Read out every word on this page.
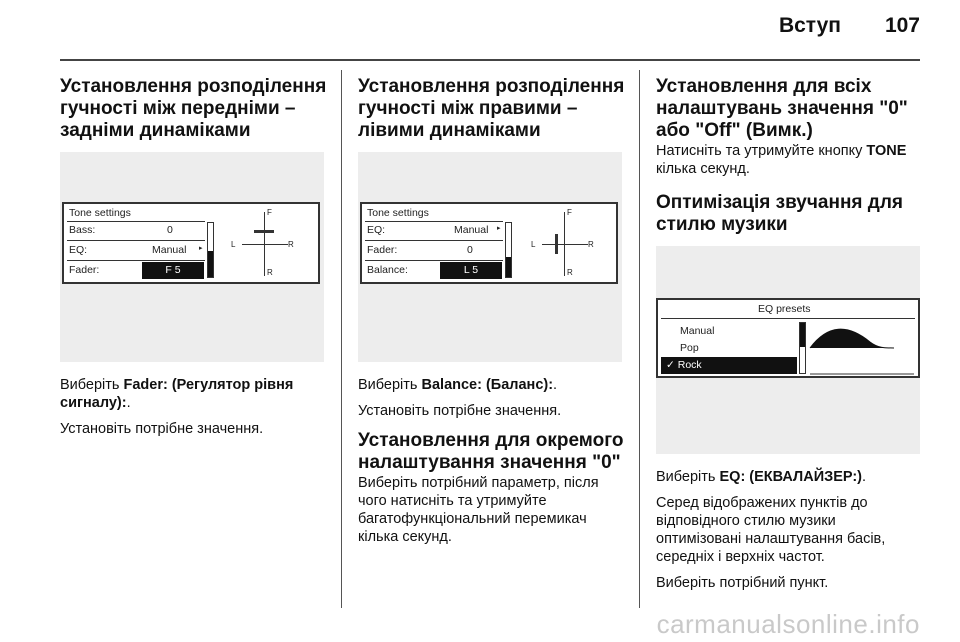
Вступ 107
Установлення розподілення гучності між передніми – задніми динаміками
Tone settings
Bass:	0
EQ:	Manual ▸
Fader:	F 5
F
L	R
R

Виберіть Fader: (Регулятор рівня сигналу):.

Установіть потрібне значення.

Установлення розподілення гучності між правими – лівими динаміками
Tone settings
EQ:	Manual ▸
Fader:	0
Balance:	L 5
F
L	R
R

Виберіть Balance: (Баланс):.

Установіть потрібне значення.

Установлення для окремого налаштування значення "0"

Виберіть потрібний параметр, після чого натисніть та утримуйте багатофункціональний перемикач кілька секунд.

Установлення для всіх налаштувань значення "0" або "Off" (Вимк.)

Натисніть та утримуйте кнопку TONE кілька секунд.

Оптимізація звучання для стилю музики
EQ presets
Manual
Pop
✓ Rock

Виберіть EQ: (ЕКВАЛАЙЗЕР:).

Серед відображених пунктів до відповідного стилю музики оптимізовані налаштування басів, середніх і верхніх частот.

Виберіть потрібний пункт.

carmanualsonline.info
